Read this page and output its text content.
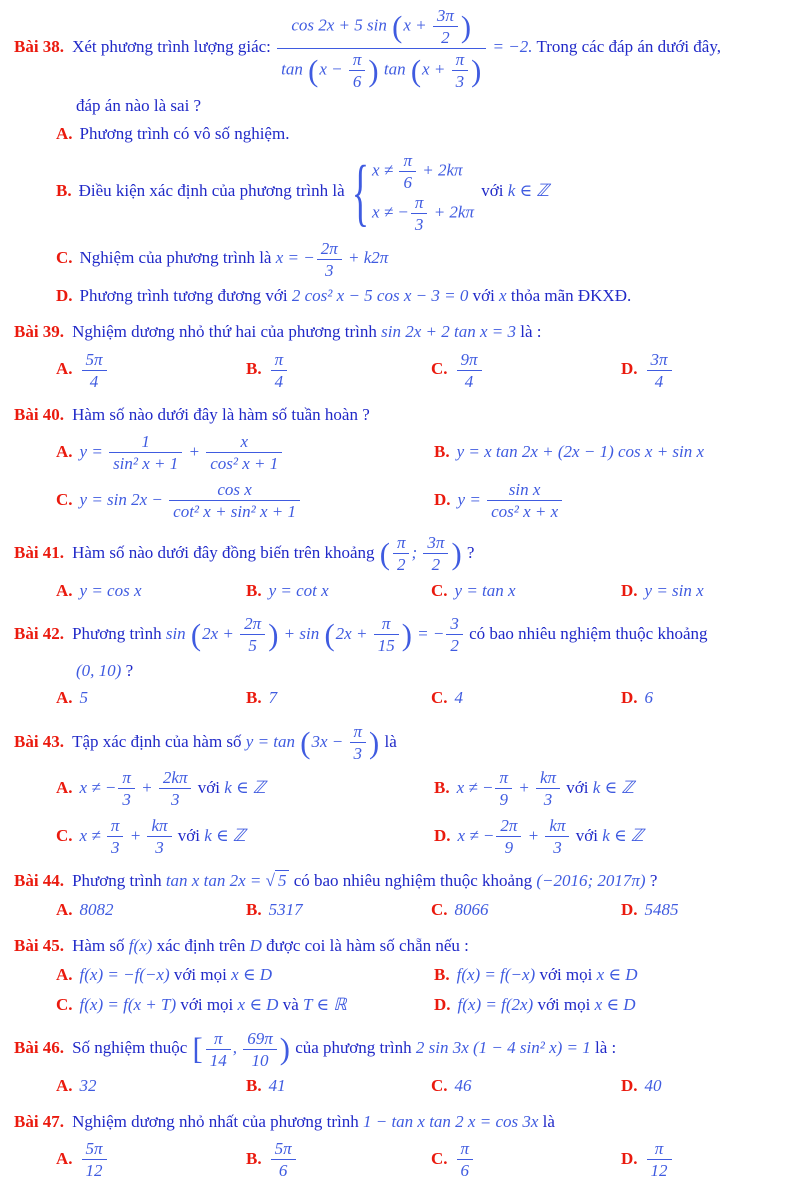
Bài 38. Xét phương trình lượng giác: $\frac{\cos 2x + 5 \sin (x + \frac{3\pi}{2} )}{\tan (x - \frac{\pi}{6} ) \tan (x + \frac{\pi}{3} )} = -2$. Trong các đáp án dưới đây,
đáp án nào là sai ?
A. Phương trình có vô số nghiệm.
B. Điều kiện xác định của phương trình là { $x \ne \frac{\pi}{6} + 2k\pi$
x ≠ − $\frac{\pi}{3} + 2k\pi$
với k ∈ ℤ
C. Nghiệm của phương trình là x = − $\frac{2\pi}{3} + k2\pi$
D. Phương trình tương đương với 2 cos² x − 5 cos x − 3 = 0 với x thỏa mãn ĐKXĐ.
Bài 39. Nghiệm dương nhỏ thứ hai của phương trình sin 2x + 2 tan x = 3 là :
A. $\frac{5\pi}{4}$	B. $\frac{\pi}{4}$	C. $\frac{9\pi}{4}$	D. $\frac{3\pi}{4}$
Bài 40. Hàm số nào dưới đây là hàm số tuần hoàn ?
A. $y = \frac{1}{\text{sin² x + 1}} + \frac{x}{\text{cos² x + 1}}$	B. y = x tan 2x + (2x − 1) cos x + sin x
C. $y = \sin 2x - \frac{\text{cos x}}{\text{cot² x + sin² x + 1}}$	D. $y = \frac{\text{sin x}}{\text{cos² x + x}}$
Bài 41. Hàm số nào dưới đây đồng biến trên khoảng ( $\frac{\pi}{2}$ ; $\frac{3\pi}{2}$ ) ?
A. y = cos x	B. y = cot x	C. y = tan x	D. y = sin x
Bài 42. Phương trình $\sin (2x + \frac{2\pi}{5}$ ) + $\sin (2x + \frac{\pi}{15}$ ) = − $\frac{3}{2}$ có bao nhiêu nghiệm thuộc khoảng
(0, 10) ?
A. 5	B. 7	C. 4	D. 6
Bài 43. Tập xác định của hàm số $y = \tan (3x - \frac{\pi}{3}$ ) là
A. x ≠ − $\frac{\pi}{3} + \frac{2k\pi}{3}$ với k ∈ ℤ	B. x ≠ − $\frac{\pi}{9} + \frac{k\pi}{3}$ với k ∈ ℤ
C. $x \ne \frac{\pi}{3} + \frac{k\pi}{3}$ với k ∈ ℤ	D. x ≠ − $\frac{2\pi}{9} + \frac{k\pi}{3}$ với k ∈ ℤ
Bài 44. Phương trình tan x tan 2x = √ 5 có bao nhiêu nghiệm thuộc khoảng (−2016; 2017π) ?
A. 8082	B. 5317	C. 8066	D. 5485
Bài 45. Hàm số f(x) xác định trên D được coi là hàm số chẵn nếu :
A. f(x) = −f(−x) với mọi x ∈ D	B. f(x) = f(−x) với mọi x ∈ D
C. f(x) = f(x + T) với mọi x ∈ D và T ∈ ℝ	D. f(x) = f(2x) với mọi x ∈ D
Bài 46. Số nghiệm thuộc [ $\frac{\pi}{14}$ , $\frac{69\pi}{10}$ ) của phương trình 2 sin 3x (1 − 4 sin² x) = 1 là :
A. 32	B. 41	C. 46	D. 40
Bài 47. Nghiệm dương nhỏ nhất của phương trình 1 − tan x tan 2 x = cos 3x là
A. $\frac{5\pi}{12}$	B. $\frac{5\pi}{6}$	C. $\frac{\pi}{6}$	D. $\frac{\pi}{12}$
